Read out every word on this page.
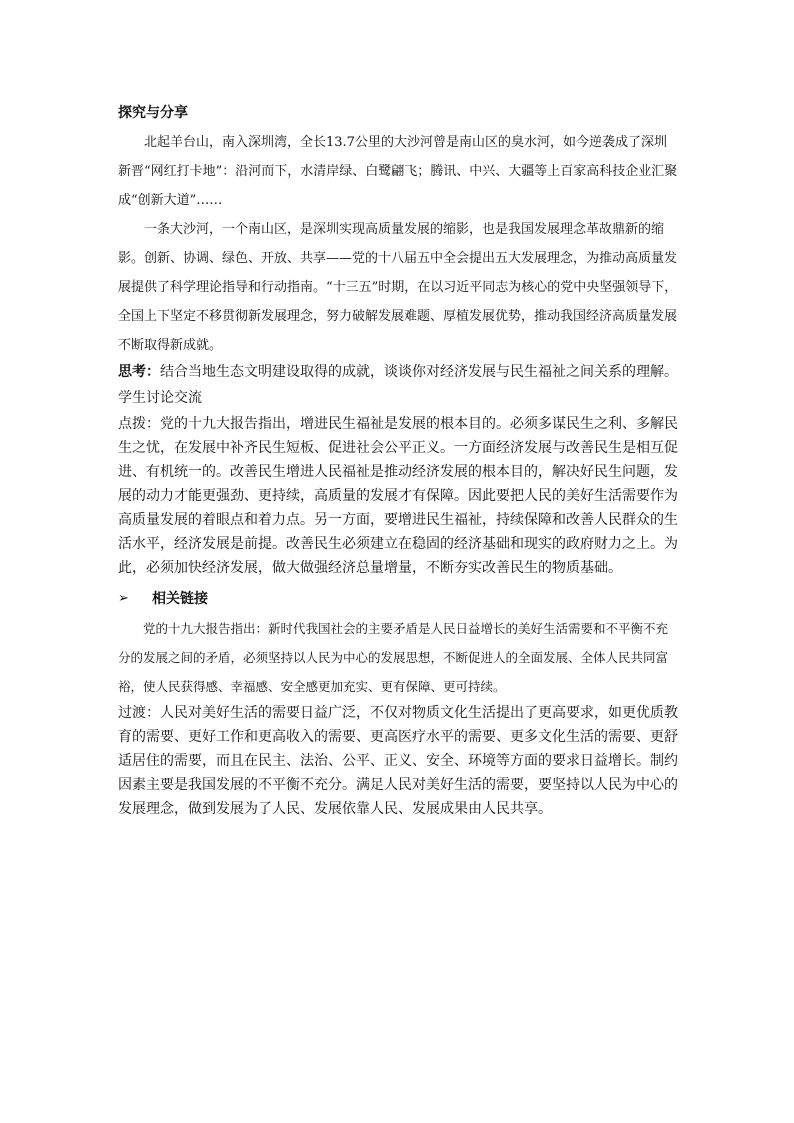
探究与分享

北起羊台山，南入深圳湾，全长13.7公里的大沙河曾是南山区的臭水河，如今逆袭成了深圳新晋“网红打卡地”：沿河而下，水清岸绿、白鹭翩飞；腾讯、中兴、大疆等上百家高科技企业汇聚成“创新大道”……

一条大沙河，一个南山区，是深圳实现高质量发展的缩影，也是我国发展理念革故鼎新的缩影。创新、协调、绿色、开放、共享——党的十八届五中全会提出五大发展理念，为推动高质量发展提供了科学理论指导和行动指南。“十三五”时期，在以习近平同志为核心的党中央坚强领导下，全国上下坚定不移贯彻新发展理念，努力破解发展难题、厚植发展优势，推动我国经济高质量发展不断取得新成就。

思考：结合当地生态文明建设取得的成就，谈谈你对经济发展与民生福祉之间关系的理解。

学生讨论交流

点拨：党的十九大报告指出，增进民生福祉是发展的根本目的。必须多谋民生之利、多解民生之忧，在发展中补齐民生短板、促进社会公平正义。一方面经济发展与改善民生是相互促进、有机统一的。改善民生增进人民福祉是推动经济发展的根本目的，解决好民生问题，发展的动力才能更强劲、更持续，高质量的发展才有保障。因此要把人民的美好生活需要作为高质量发展的着眼点和着力点。另一方面，要增进民生福祉，持续保障和改善人民群众的生活水平，经济发展是前提。改善民生必须建立在稳固的经济基础和现实的政府财力之上。为此，必须加快经济发展，做大做强经济总量增量，不断夯实改善民生的物质基础。

➢	相关链接

党的十九大报告指出：新时代我国社会的主要矛盾是人民日益增长的美好生活需要和不平衡不充分的发展之间的矛盾，必须坚持以人民为中心的发展思想，不断促进人的全面发展、全体人民共同富裕，使人民获得感、幸福感、安全感更加充实、更有保障、更可持续。

过渡：人民对美好生活的需要日益广泛，不仅对物质文化生活提出了更高要求，如更优质教育的需要、更好工作和更高收入的需要、更高医疗水平的需要、更多文化生活的需要、更舒适居住的需要，而且在民主、法治、公平、正义、安全、环境等方面的要求日益增长。制约因素主要是我国发展的不平衡不充分。满足人民对美好生活的需要，要坚持以人民为中心的发展理念，做到发展为了人民、发展依靠人民、发展成果由人民共享。
